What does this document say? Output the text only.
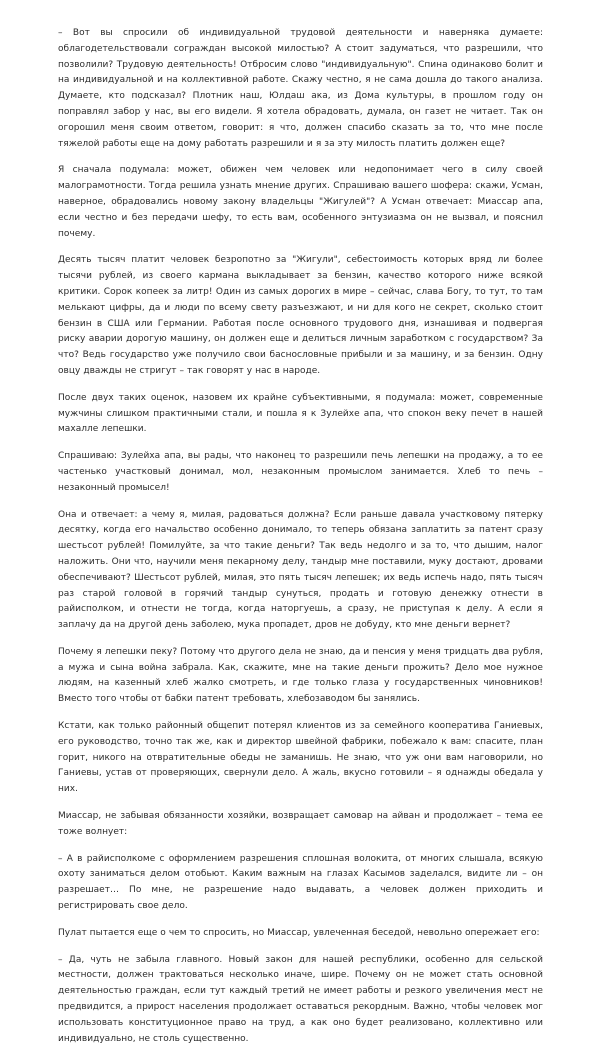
– Вот вы спросили об индивидуальной трудовой деятельности и наверняка думаете: облагодетельствовали сограждан высокой милостью? А стоит задуматься, что разрешили, что позволили? Трудовую деятельность! Отбросим слово "индивидуальную". Спина одинаково болит и на индивидуальной и на коллективной работе. Скажу честно, я не сама дошла до такого анализа. Думаете, кто подсказал? Плотник наш, Юлдаш ака, из Дома культуры, в прошлом году он поправлял забор у нас, вы его видели. Я хотела обрадовать, думала, он газет не читает. Так он огорошил меня своим ответом, говорит: я что, должен спасибо сказать за то, что мне после тяжелой работы еще на дому работать разрешили и я за эту милость платить должен еще?

Я сначала подумала: может, обижен чем человек или недопонимает чего в силу своей малограмотности. Тогда решила узнать мнение других. Спрашиваю вашего шофера: скажи, Усман, наверное, обрадовались новому закону владельцы "Жигулей"? А Усман отвечает: Миассар апа, если честно и без передачи шефу, то есть вам, особенного энтузиазма он не вызвал, и пояснил почему.

Десять тысяч платит человек безропотно за "Жигули", себестоимость которых вряд ли более тысячи рублей, из своего кармана выкладывает за бензин, качество которого ниже всякой критики. Сорок копеек за литр! Один из самых дорогих в мире – сейчас, слава Богу, то тут, то там мелькают цифры, да и люди по всему свету разъезжают, и ни для кого не секрет, сколько стоит бензин в США или Германии. Работая после основного трудового дня, изнашивая и подвергая риску аварии дорогую машину, он должен еще и делиться личным заработком с государством? За что? Ведь государство уже получило свои баснословные прибыли и за машину, и за бензин. Одну овцу дважды не стригут – так говорят у нас в народе.

После двух таких оценок, назовем их крайне субъективными, я подумала: может, современные мужчины слишком практичными стали, и пошла я к Зулейхе апа, что спокон веку печет в нашей махалле лепешки.

Спрашиваю: Зулейха апа, вы рады, что наконец то разрешили печь лепешки на продажу, а то ее частенько участковый донимал, мол, незаконным промыслом занимается. Хлеб то печь – незаконный промысел!

Она и отвечает: а чему я, милая, радоваться должна? Если раньше давала участковому пятерку десятку, когда его начальство особенно донимало, то теперь обязана заплатить за патент сразу шестьсот рублей! Помилуйте, за что такие деньги? Так ведь недолго и за то, что дышим, налог наложить. Они что, научили меня пекарному делу, тандыр мне поставили, муку достают, дровами обеспечивают? Шестьсот рублей, милая, это пять тысяч лепешек; их ведь испечь надо, пять тысяч раз старой головой в горячий тандыр сунуться, продать и готовую денежку отнести в райисполком, и отнести не тогда, когда наторгуешь, а сразу, не приступая к делу. А если я заплачу да на другой день заболею, мука пропадет, дров не добуду, кто мне деньги вернет?

Почему я лепешки пеку? Потому что другого дела не знаю, да и пенсия у меня тридцать два рубля, а мужа и сына война забрала. Как, скажите, мне на такие деньги прожить? Дело мое нужное людям, на казенный хлеб жалко смотреть, и где только глаза у государственных чиновников! Вместо того чтобы от бабки патент требовать, хлебозаводом бы занялись.

Кстати, как только районный общепит потерял клиентов из за семейного кооператива Ганиевых, его руководство, точно так же, как и директор швейной фабрики, побежало к вам: спасите, план горит, никого на отвратительные обеды не заманишь. Не знаю, что уж они вам наговорили, но Ганиевы, устав от проверяющих, свернули дело. А жаль, вкусно готовили – я однажды обедала у них.

Миассар, не забывая обязанности хозяйки, возвращает самовар на айван и продолжает – тема ее тоже волнует:

– А в райисполкоме с оформлением разрешения сплошная волокита, от многих слышала, всякую охоту заниматься делом отобьют. Каким важным на глазах Касымов заделался, видите ли – он разрешает… По мне, не разрешение надо выдавать, а человек должен приходить и регистрировать свое дело.

Пулат пытается еще о чем то спросить, но Миассар, увлеченная беседой, невольно опережает его:

– Да, чуть не забыла главного. Новый закон для нашей республики, особенно для сельской местности, должен трактоваться несколько иначе, шире. Почему он не может стать основной деятельностью граждан, если тут каждый третий не имеет работы и резкого увеличения мест не предвидится, а прирост населения продолжает оставаться рекордным. Важно, чтобы человек мог использовать конституционное право на труд, а как оно будет реализовано, коллективно или индивидуально, не столь существенно.
